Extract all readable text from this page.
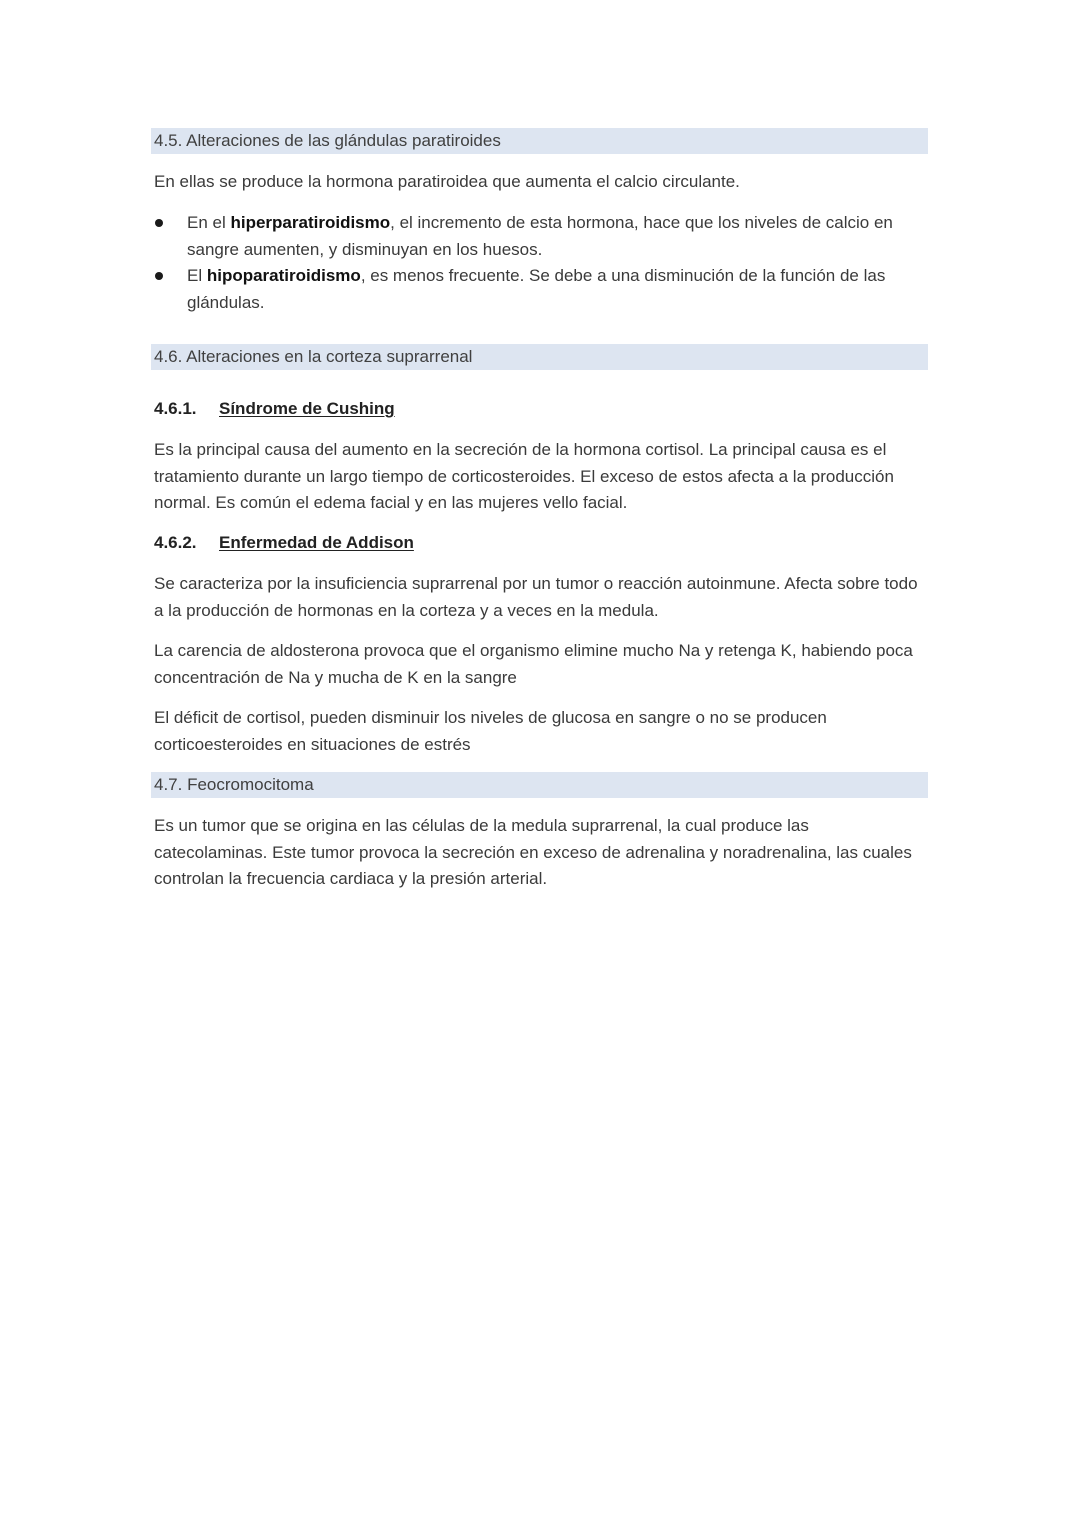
4.5. Alteraciones de las glándulas paratiroides

En ellas se produce la hormona paratiroidea que aumenta el calcio circulante.

En el hiperparatiroidismo, el incremento de esta hormona, hace que los niveles de calcio en sangre aumenten, y disminuyan en los huesos.
El hipoparatiroidismo, es menos frecuente. Se debe a una disminución de la función de las glándulas.
4.6. Alteraciones en la corteza suprarrenal
4.6.1. Síndrome de Cushing

Es la principal causa del aumento en la secreción de la hormona cortisol. La principal causa es el tratamiento durante un largo tiempo de corticosteroides. El exceso de estos afecta a la producción normal. Es común el edema facial y en las mujeres vello facial.

4.6.2. Enfermedad de Addison

Se caracteriza por la insuficiencia suprarrenal por un tumor o reacción autoinmune. Afecta sobre todo a la producción de hormonas en la corteza y a veces en la medula.

La carencia de aldosterona provoca que el organismo elimine mucho Na y retenga K, habiendo poca concentración de Na y mucha de K en la sangre

El déficit de cortisol, pueden disminuir los niveles de glucosa en sangre o no se producen corticoesteroides en situaciones de estrés

4.7. Feocromocitoma

Es un tumor que se origina en las células de la medula suprarrenal, la cual produce las catecolaminas. Este tumor provoca la secreción en exceso de adrenalina y noradrenalina, las cuales controlan la frecuencia cardiaca y la presión arterial.
